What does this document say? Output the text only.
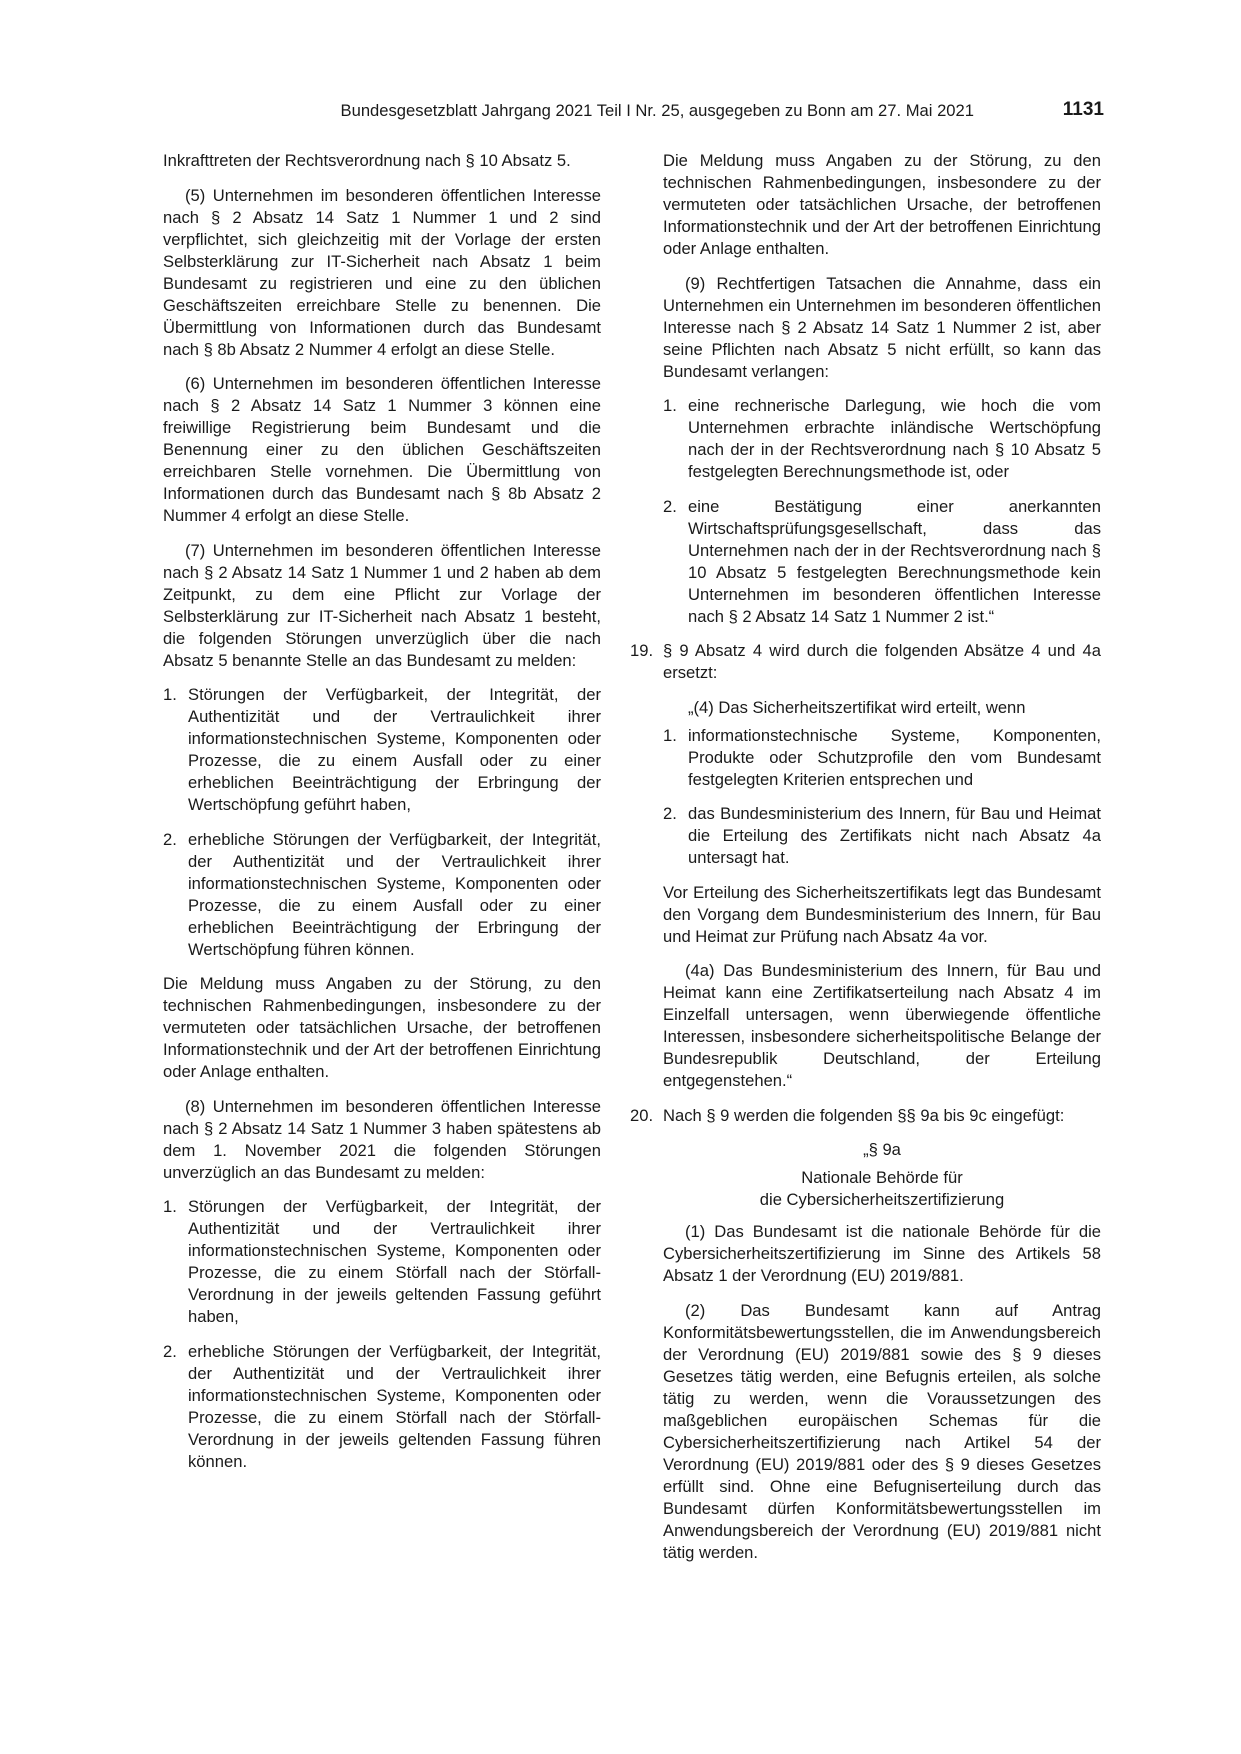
Bundesgesetzblatt Jahrgang 2021 Teil I Nr. 25, ausgegeben zu Bonn am 27. Mai 2021	1131

Inkrafttreten der Rechtsverordnung nach § 10 Absatz 5.

(5) Unternehmen im besonderen öffentlichen Interesse nach § 2 Absatz 14 Satz 1 Nummer 1 und 2 sind verpflichtet, sich gleichzeitig mit der Vorlage der ersten Selbsterklärung zur IT-Sicherheit nach Absatz 1 beim Bundesamt zu registrieren und eine zu den üblichen Geschäftszeiten erreichbare Stelle zu benennen. Die Übermittlung von Informationen durch das Bundesamt nach § 8b Absatz 2 Nummer 4 erfolgt an diese Stelle.

(6) Unternehmen im besonderen öffentlichen Interesse nach § 2 Absatz 14 Satz 1 Nummer 3 können eine freiwillige Registrierung beim Bundesamt und die Benennung einer zu den üblichen Geschäftszeiten erreichbaren Stelle vornehmen. Die Übermittlung von Informationen durch das Bundesamt nach § 8b Absatz 2 Nummer 4 erfolgt an diese Stelle.

(7) Unternehmen im besonderen öffentlichen Interesse nach § 2 Absatz 14 Satz 1 Nummer 1 und 2 haben ab dem Zeitpunkt, zu dem eine Pflicht zur Vorlage der Selbsterklärung zur IT-Sicherheit nach Absatz 1 besteht, die folgenden Störungen unverzüglich über die nach Absatz 5 benannte Stelle an das Bundesamt zu melden:

1. Störungen der Verfügbarkeit, der Integrität, der Authentizität und der Vertraulichkeit ihrer informationstechnischen Systeme, Komponenten oder Prozesse, die zu einem Ausfall oder zu einer erheblichen Beeinträchtigung der Erbringung der Wertschöpfung geführt haben,
2. erhebliche Störungen der Verfügbarkeit, der Integrität, der Authentizität und der Vertraulichkeit ihrer informationstechnischen Systeme, Komponenten oder Prozesse, die zu einem Ausfall oder zu einer erheblichen Beeinträchtigung der Erbringung der Wertschöpfung führen können.

Die Meldung muss Angaben zu der Störung, zu den technischen Rahmenbedingungen, insbesondere zu der vermuteten oder tatsächlichen Ursache, der betroffenen Informationstechnik und der Art der betroffenen Einrichtung oder Anlage enthalten.

(8) Unternehmen im besonderen öffentlichen Interesse nach § 2 Absatz 14 Satz 1 Nummer 3 haben spätestens ab dem 1. November 2021 die folgenden Störungen unverzüglich an das Bundesamt zu melden:

1. Störungen der Verfügbarkeit, der Integrität, der Authentizität und der Vertraulichkeit ihrer informationstechnischen Systeme, Komponenten oder Prozesse, die zu einem Störfall nach der Störfall-Verordnung in der jeweils geltenden Fassung geführt haben,
2. erhebliche Störungen der Verfügbarkeit, der Integrität, der Authentizität und der Vertraulichkeit ihrer informationstechnischen Systeme, Komponenten oder Prozesse, die zu einem Störfall nach der Störfall-Verordnung in der jeweils geltenden Fassung führen können.

Die Meldung muss Angaben zu der Störung, zu den technischen Rahmenbedingungen, insbesondere zu der vermuteten oder tatsächlichen Ursache, der betroffenen Informationstechnik und der Art der betroffenen Einrichtung oder Anlage enthalten.

(9) Rechtfertigen Tatsachen die Annahme, dass ein Unternehmen ein Unternehmen im besonderen öffentlichen Interesse nach § 2 Absatz 14 Satz 1 Nummer 2 ist, aber seine Pflichten nach Absatz 5 nicht erfüllt, so kann das Bundesamt verlangen:

1. eine rechnerische Darlegung, wie hoch die vom Unternehmen erbrachte inländische Wertschöpfung nach der in der Rechtsverordnung nach § 10 Absatz 5 festgelegten Berechnungsmethode ist, oder
2. eine Bestätigung einer anerkannten Wirtschaftsprüfungsgesellschaft, dass das Unternehmen nach der in der Rechtsverordnung nach § 10 Absatz 5 festgelegten Berechnungsmethode kein Unternehmen im besonderen öffentlichen Interesse nach § 2 Absatz 14 Satz 1 Nummer 2 ist.“
19. § 9 Absatz 4 wird durch die folgenden Absätze 4 und 4a ersetzt:

„(4) Das Sicherheitszertifikat wird erteilt, wenn

1. informationstechnische Systeme, Komponenten, Produkte oder Schutzprofile den vom Bundesamt festgelegten Kriterien entsprechen und
2. das Bundesministerium des Innern, für Bau und Heimat die Erteilung des Zertifikats nicht nach Absatz 4a untersagt hat.

Vor Erteilung des Sicherheitszertifikats legt das Bundesamt den Vorgang dem Bundesministerium des Innern, für Bau und Heimat zur Prüfung nach Absatz 4a vor.

(4a) Das Bundesministerium des Innern, für Bau und Heimat kann eine Zertifikatserteilung nach Absatz 4 im Einzelfall untersagen, wenn überwiegende öffentliche Interessen, insbesondere sicherheitspolitische Belange der Bundesrepublik Deutschland, der Erteilung entgegenstehen.“

20. Nach § 9 werden die folgenden §§ 9a bis 9c eingefügt:

„§ 9a

Nationale Behörde für
die Cybersicherheitszertifizierung

(1) Das Bundesamt ist die nationale Behörde für die Cybersicherheitszertifizierung im Sinne des Artikels 58 Absatz 1 der Verordnung (EU) 2019/881.

(2) Das Bundesamt kann auf Antrag Konformitätsbewertungsstellen, die im Anwendungsbereich der Verordnung (EU) 2019/881 sowie des § 9 dieses Gesetzes tätig werden, eine Befugnis erteilen, als solche tätig zu werden, wenn die Voraussetzungen des maßgeblichen europäischen Schemas für die Cybersicherheitszertifizierung nach Artikel 54 der Verordnung (EU) 2019/881 oder des § 9 dieses Gesetzes erfüllt sind. Ohne eine Befugniserteilung durch das Bundesamt dürfen Konformitätsbewertungsstellen im Anwendungsbereich der Verordnung (EU) 2019/881 nicht tätig werden.
